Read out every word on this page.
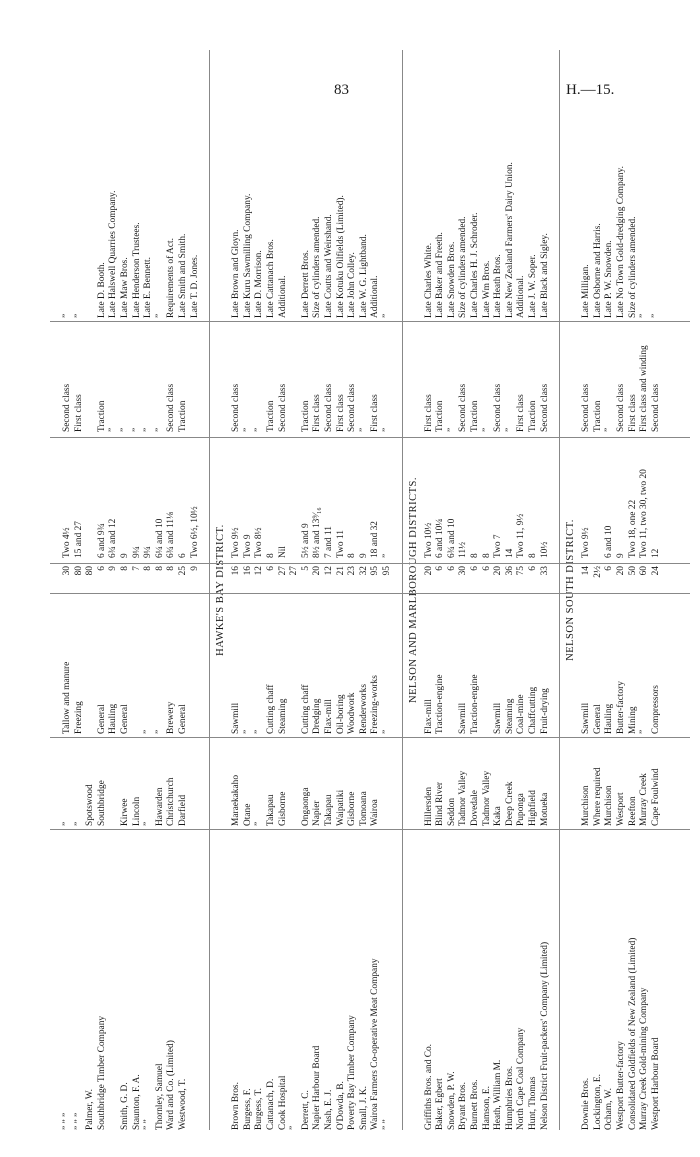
83	H.—15.
” ” ”
”
Tallow and manure
30
Two 4½
Second class
”
” ” ”
”
Freezing
80
15 and 27
First class
”
Palmer, W.
Spotswood
80
Southbridge Timber Company
Southbridge
General
6
6 and 9¾
Traction
Late D. Booth.
Hauling
9
6¾ and 12
”
Late Halswell Quarries Company.
Smith, G. D.
Kirwee
General
8
9
”
Late Maw Bros.
Staunton, F. A.
Lincoln
7
9¼
”
Late Henderson Trustees.
” ”
”
”
8
9¼
”
Late E. Bennett.
Thornley, Samuel
Hawarden
”
8
6¼ and 10
”
”
Ward and Co. (Limited)
Christchurch
Brewery
8
6¾ and 11⅛
Second class
Requirements of Act.
Westwood, T.
Darfield
General
25
6
Traction
Late Smith and Smith.
9
Two 6½, 10½
Late T. D. Jones.
HAWKE'S BAY DISTRICT.
Brown Bros.
Maraekakaho
Sawmill
16
Two 9½
Second class
Late Brown and Gloyn.
Burgess, F.
Otane
”
16
Two 9
”
Late Kuru Sawmilling Company.
Burgess, T.
”
”
12
Two 8½
”
Late D. Morrison.
Cattanach, D.
Takapau
Cutting chaff
6
8
Traction
Late Cattanach Bros.
Cook Hospital
Gisborne
Steaming
27
Nil
Second class
Additional.
”
27
Derrett, C.
Ongaonga
Cutting chaff
5
5½ and 9
Traction
Late Derrett Bros.
Napier Harbour Board
Napier
Dredging
20
8½ and 13⁹⁄₁₆
First class
Size of cylinders amended.
Nash, E. J.
Takapau
Flax-mill
12
7 and 11
Second class
Late Coutts and Weirshand.
O'Dowda, B.
Waipatiki
Oil-boring
21
Two 11
First class
Late Kotuku Oilfields (Limited).
Poverty Bay Timber Company
Gisborne
Woodwork
23
8
Second class
Late John Colley.
Small, J. K.
Tomoana
Renderworks
32
9
”
Late W. G. Lightband.
Wairoa Farmers Co-operative Meat Company
Wairoa
Freezing-works
95
18 and 32
First class
Additional.
” ”
”
95
”
”
”
NELSON AND MARLBOROUGH DISTRICTS.
Griffiths Bros. and Co.
Hillersden
Flax-mill
20
Two 10½
First class
Late Charles White.
Baker, Egbert
Blind River
Traction-engine
6
6 and 10¼
Traction
Late Baker and Freeth.
Snowden, P. W.
Seddon
6
6¾ and 10
”
Late Snowden Bros.
Bryant Bros.
Tadmor Valley
Sawmill
30
11½
Second class
Size of cylinders amended.
Burnett Bros.
Dovedale
Traction-engine
6
8
Traction
Late Charles H. J. Schroder.
Hamson, E.
Tadmor Valley
6
8
”
Late Wm Bros.
Heath, William M.
Kaka
Sawmill
20
Two 7
Second class
Late Heath Bros.
Humphries Bros.
Deep Creek
Steaming
36
14
”
Late New Zealand Farmers' Dairy Union.
North Cape Coal Company
Puponga
Coal-mine
75
Two 11, 9½
First class
Additional.
Hunt, Thomas
Highfield
Chaffcutting
6
8
Traction
Late J. W. Soper.
Nelson District Fruit-packers' Company (Limited)
Motueka
Fruit-drying
33
10½
Second class
Late Black and Sigley.
NELSON SOUTH DISTRICT.
Downie Bros.
Murchison
Sawmill
14
Two 9½
Second class
Late Milligan.
Lockington, E.
Where required
General
2½
Traction
Late Osborne and Harris.
Ocham, W.
Murchison
Hauling
6
6 and 10
”
Late P. W. Snowden.
Westport Butter-factory
Westport
Butter-factory
20
9
Second class
Late No Town Gold-dredging Company.
Consolidated Goldfields of New Zealand (Limited)
Reefton
Mining
50
Two 18, one 22
First class
Size of cylinders amended.
Murray Creek Gold-mining Company
Murray Creek
”
60
Two 11, two 30, two 20
First class and winding
”
Westport Harbour Board
Cape Foulwind
Compressors
24
12
Second class
”
